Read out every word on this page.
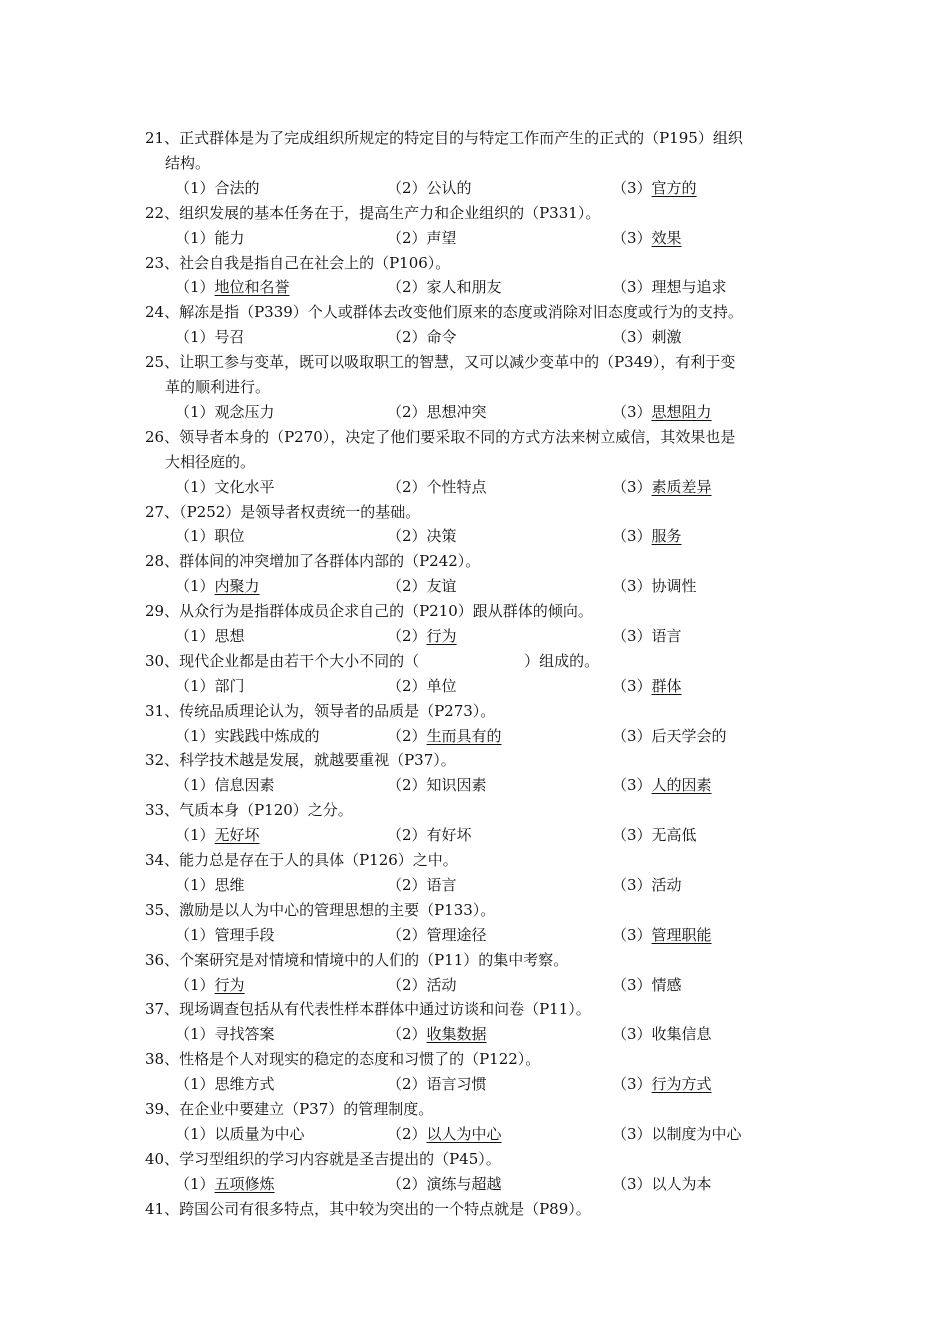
21、正式群体是为了完成组织所规定的特定目的与特定工作而产生的正式的（P195）组织
结构。
（1）合法的	（2）公认的	（3）官方的
22、组织发展的基本任务在于，提高生产力和企业组织的（P331）。
（1）能力	（2）声望	（3）效果
23、社会自我是指自己在社会上的（P106）。
（1）地位和名誉	（2）家人和朋友	（3）理想与追求
24、解冻是指（P339）个人或群体去改变他们原来的态度或消除对旧态度或行为的支持。
（1）号召	（2）命令	（3）刺激
25、让职工参与变革，既可以吸取职工的智慧，又可以减少变革中的（P349），有利于变
革的顺利进行。
（1）观念压力	（2）思想冲突	（3）思想阻力
26、领导者本身的（P270），决定了他们要采取不同的方式方法来树立威信，其效果也是
大相径庭的。
（1）文化水平	（2）个性特点	（3）素质差异
27、（P252）是领导者权责统一的基础。
（1）职位	（2）决策	（3）服务
28、群体间的冲突增加了各群体内部的（P242）。
（1）内聚力	（2）友谊	（3）协调性
29、从众行为是指群体成员企求自己的（P210）跟从群体的倾向。
（1）思想	（2）行为	（3）语言
30、现代企业都是由若干个大小不同的（　　　　　　　）组成的。
（1）部门	（2）单位	（3）群体
31、传统品质理论认为，领导者的品质是（P273）。
（1）实践践中炼成的	（2）生而具有的	（3）后天学会的
32、科学技术越是发展，就越要重视（P37）。
（1）信息因素	（2）知识因素	（3）人的因素
33、气质本身（P120）之分。
（1）无好坏	（2）有好坏	（3）无高低
34、能力总是存在于人的具体（P126）之中。
（1）思维	（2）语言	（3）活动
35、激励是以人为中心的管理思想的主要（P133）。
（1）管理手段	（2）管理途径	（3）管理职能
36、个案研究是对情境和情境中的人们的（P11）的集中考察。
（1）行为	（2）活动	（3）情感
37、现场调查包括从有代表性样本群体中通过访谈和问卷（P11）。
（1）寻找答案	（2）收集数据	（3）收集信息
38、性格是个人对现实的稳定的态度和习惯了的（P122）。
（1）思维方式	（2）语言习惯	（3）行为方式
39、在企业中要建立（P37）的管理制度。
（1）以质量为中心	（2）以人为中心	（3）以制度为中心
40、学习型组织的学习内容就是圣吉提出的（P45）。
（1）五项修炼	（2）演练与超越	（3）以人为本
41、跨国公司有很多特点，其中较为突出的一个特点就是（P89）。
